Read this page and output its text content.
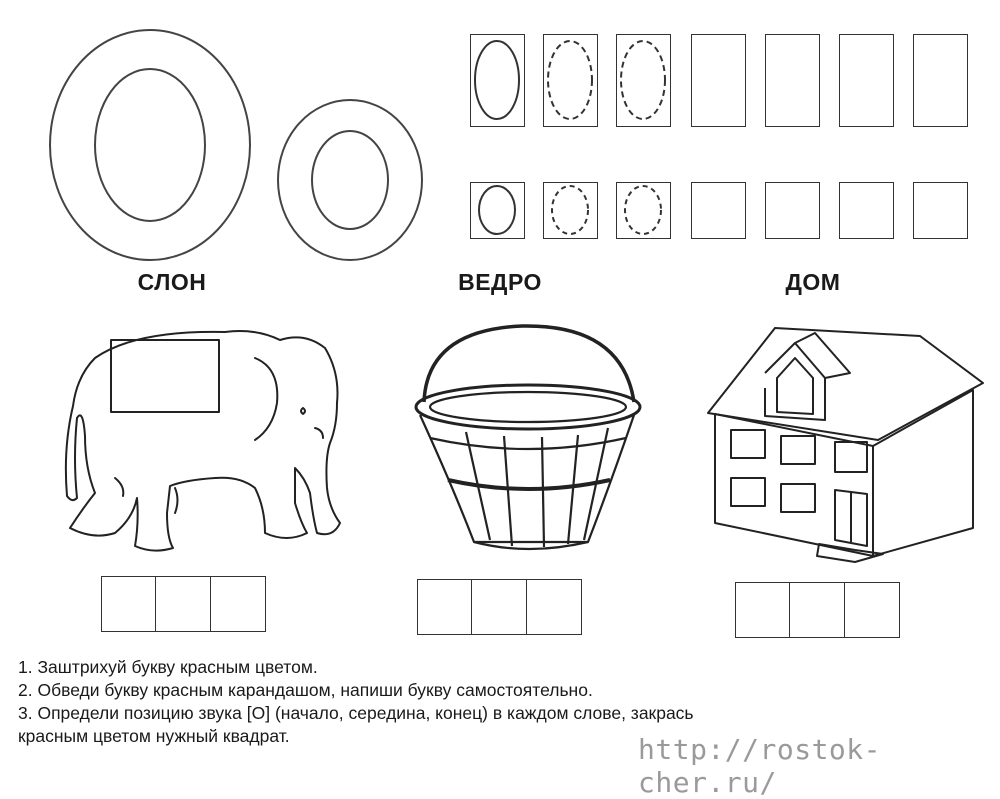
СЛОН	ВЕДРО	ДОМ
1. Заштрихуй букву красным цветом.
2. Обведи букву красным карандашом, напиши букву самостоятельно.
3. Определи позицию звука [О] (начало, середина, конец) в каждом слове, закрась
красным цветом нужный квадрат.	http://rostok-cher.ru/
